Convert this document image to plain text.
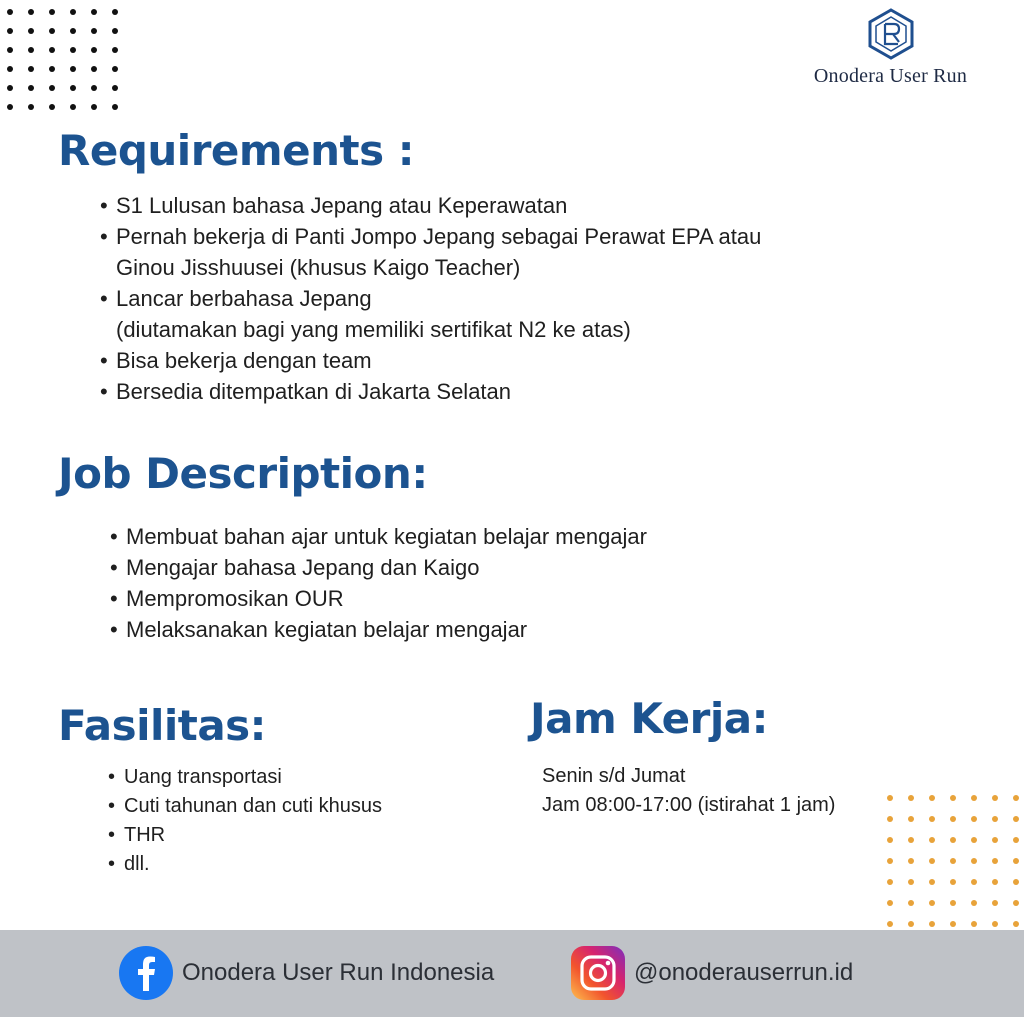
Onodera User Run
Requirements :
• S1 Lulusan bahasa Jepang atau Keperawatan
• Pernah bekerja di Panti Jompo Jepang sebagai Perawat EPA atau
Ginou Jisshuusei (khusus Kaigo Teacher)
• Lancar berbahasa Jepang
(diutamakan bagi yang memiliki sertifikat N2 ke atas)
• Bisa bekerja dengan team
• Bersedia ditempatkan di Jakarta Selatan
Job Description:
• Membuat bahan ajar untuk kegiatan belajar mengajar
• Mengajar bahasa Jepang dan Kaigo
• Mempromosikan OUR
• Melaksanakan kegiatan belajar mengajar
Fasilitas:
• Uang transportasi
• Cuti tahunan dan cuti khusus
• THR
• dll.
Jam Kerja:
Senin s/d Jumat
Jam 08:00-17:00 (istirahat 1 jam)
Onodera User Run Indonesia	@onoderauserrun.id
